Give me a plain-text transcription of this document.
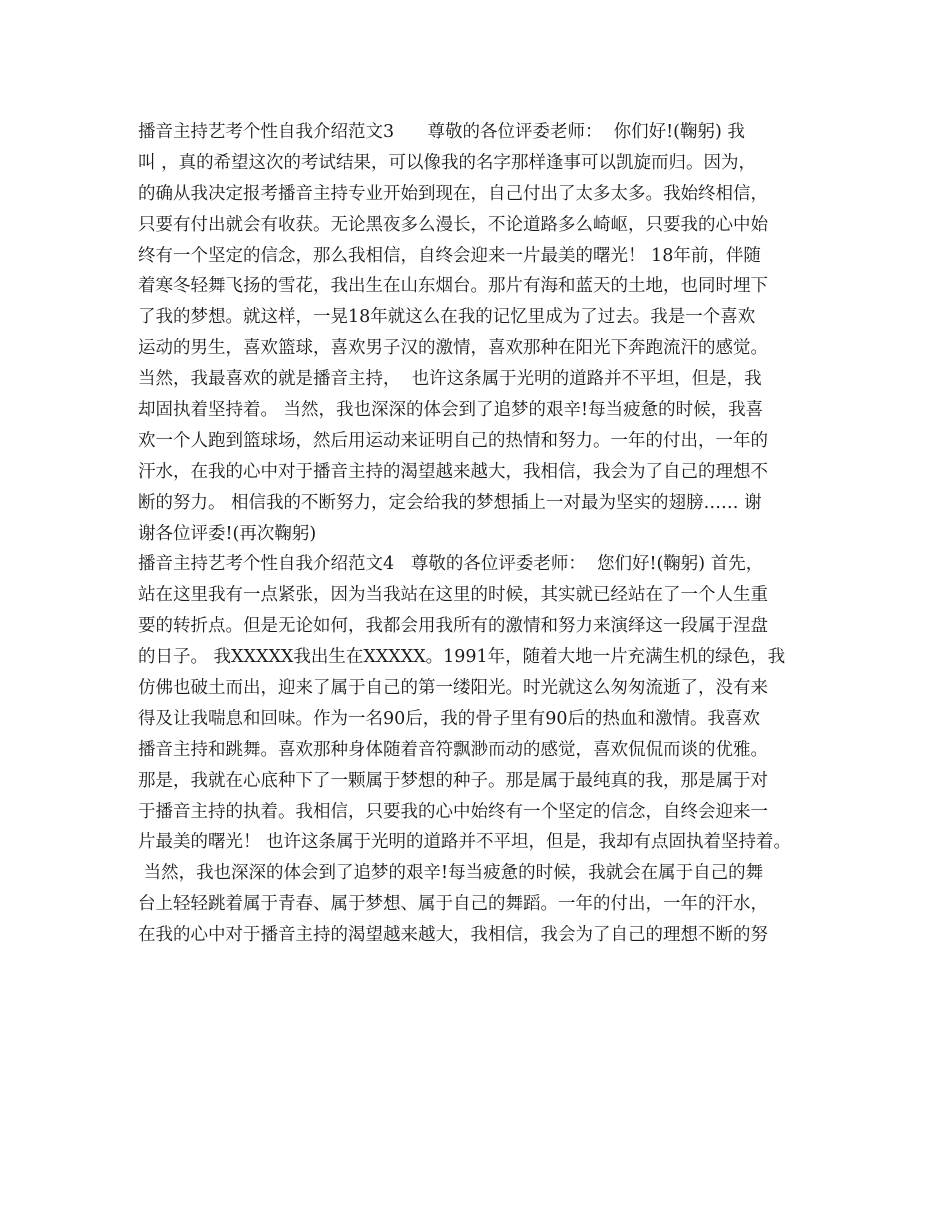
播音主持艺考个性自我介绍范文3      尊敬的各位评委老师：  你们好!(鞠躬) 我
叫 ，真的希望这次的考试结果，可以像我的名字那样逢事可以凯旋而归。因为，
的确从我决定报考播音主持专业开始到现在，自己付出了太多太多。我始终相信，
只要有付出就会有收获。无论黑夜多么漫长，不论道路多么崎岖，只要我的心中始
终有一个坚定的信念，那么我相信，自终会迎来一片最美的曙光！ 18年前，伴随
着寒冬轻舞飞扬的雪花，我出生在山东烟台。那片有海和蓝天的土地，也同时埋下
了我的梦想。就这样，一晃18年就这么在我的记忆里成为了过去。我是一个喜欢
运动的男生，喜欢篮球，喜欢男子汉的激情，喜欢那种在阳光下奔跑流汗的感觉。
当然，我最喜欢的就是播音主持，  也许这条属于光明的道路并不平坦，但是，我
却固执着坚持着。 当然，我也深深的体会到了追梦的艰辛!每当疲惫的时候，我喜
欢一个人跑到篮球场，然后用运动来证明自己的热情和努力。一年的付出，一年的
汗水，在我的心中对于播音主持的渴望越来越大，我相信，我会为了自己的理想不
断的努力。 相信我的不断努力，定会给我的梦想插上一对最为坚实的翅膀…… 谢
谢各位评委!(再次鞠躬)
播音主持艺考个性自我介绍范文4   尊敬的各位评委老师：  您们好!(鞠躬) 首先，
站在这里我有一点紧张，因为当我站在这里的时候，其实就已经站在了一个人生重
要的转折点。但是无论如何，我都会用我所有的激情和努力来演绎这一段属于涅盘
的日子。 我XXXXX我出生在XXXXX。1991年，随着大地一片充满生机的绿色，我
仿佛也破土而出，迎来了属于自己的第一缕阳光。时光就这么匆匆流逝了，没有来
得及让我喘息和回味。作为一名90后，我的骨子里有90后的热血和激情。我喜欢
播音主持和跳舞。喜欢那种身体随着音符飘渺而动的感觉，喜欢侃侃而谈的优雅。
那是，我就在心底种下了一颗属于梦想的种子。那是属于最纯真的我，那是属于对
于播音主持的执着。我相信，只要我的心中始终有一个坚定的信念，自终会迎来一
片最美的曙光！ 也许这条属于光明的道路并不平坦，但是，我却有点固执着坚持着。
当然，我也深深的体会到了追梦的艰辛!每当疲惫的时候，我就会在属于自己的舞
台上轻轻跳着属于青春、属于梦想、属于自己的舞蹈。一年的付出，一年的汗水，
在我的心中对于播音主持的渴望越来越大，我相信，我会为了自己的理想不断的努
